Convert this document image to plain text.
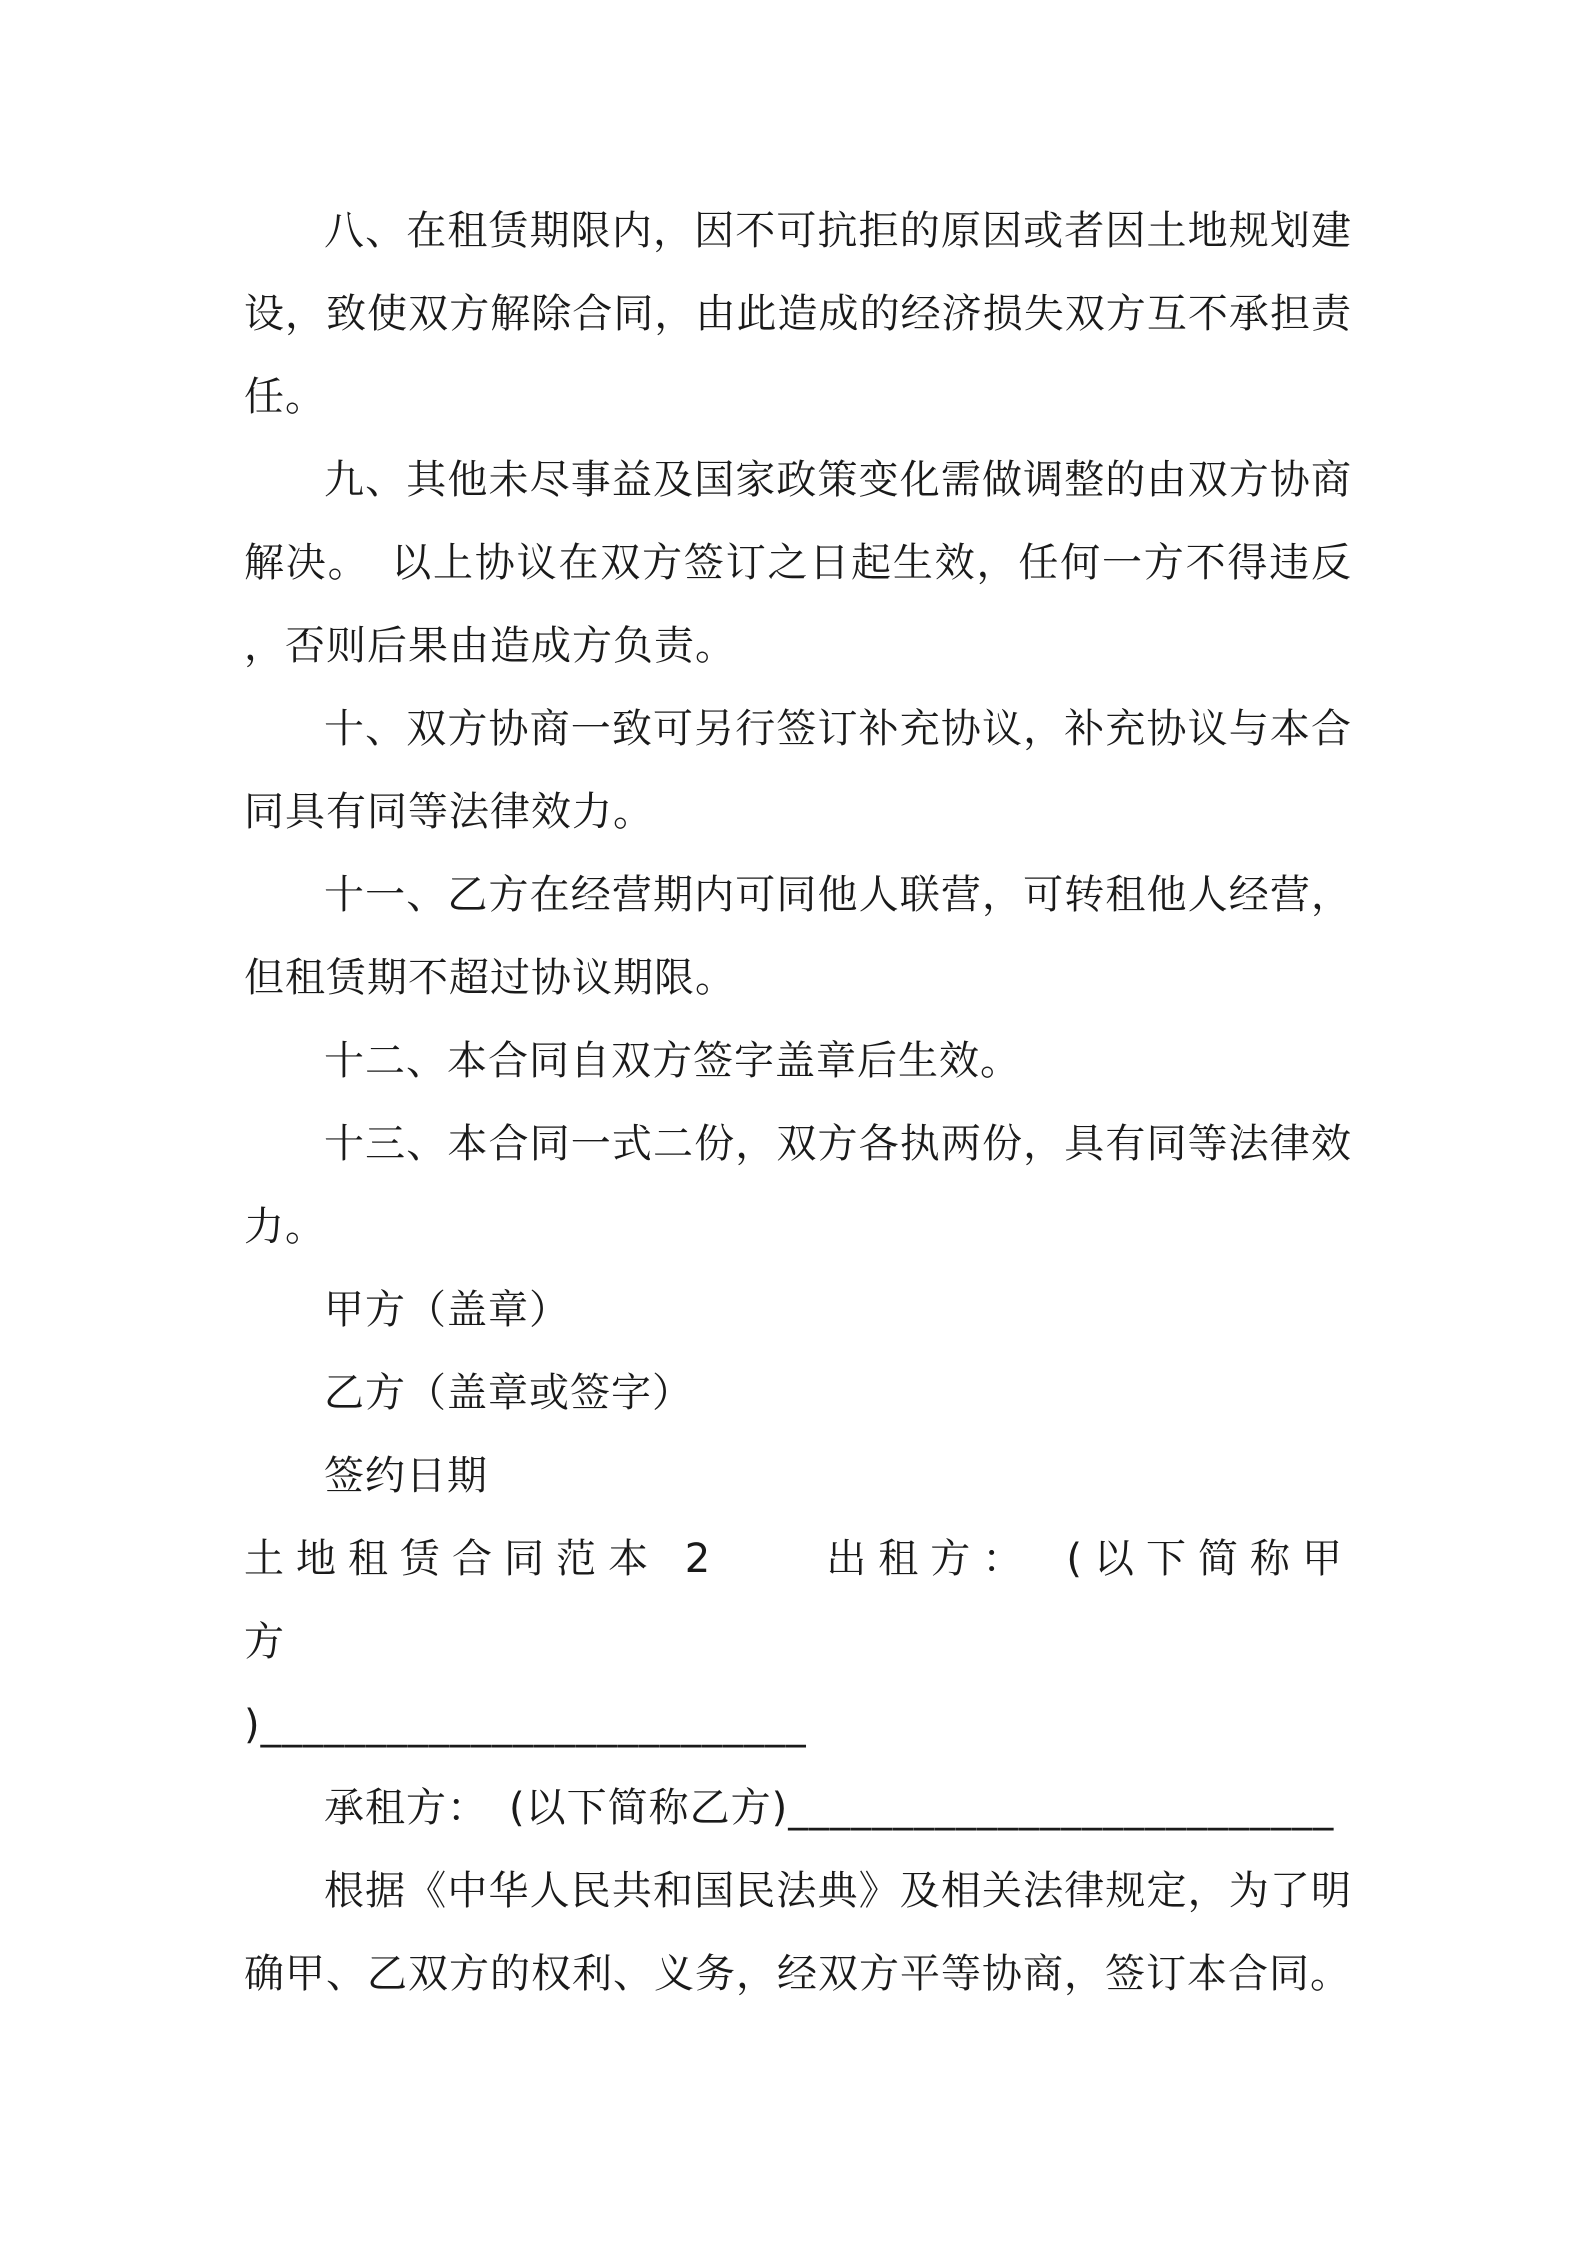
八、在租赁期限内，因不可抗拒的原因或者因土地规划建设，致使双方解除合同，由此造成的经济损失双方互不承担责任。

九、其他未尽事益及国家政策变化需做调整的由双方协商解决。　以上协议在双方签订之日起生效，任何一方不得违反，否则后果由造成方负责。

十、双方协商一致可另行签订补充协议，补充协议与本合同具有同等法律效力。

十一、乙方在经营期内可同他人联营，可转租他人经营，但租赁期不超过协议期限。

十二、本合同自双方签字盖章后生效。

十三、本合同一式二份，双方各执两份，具有同等法律效力。

甲方（盖章）

乙方（盖章或签字）

签约日期

土地租赁合同范本 2　　出租方：　(以下简称甲方

)__________________________

承租方：　(以下简称乙方)__________________________

根据《中华人民共和国民法典》及相关法律规定，为了明确甲、乙双方的权利、义务，经双方平等协商，签订本合同。
